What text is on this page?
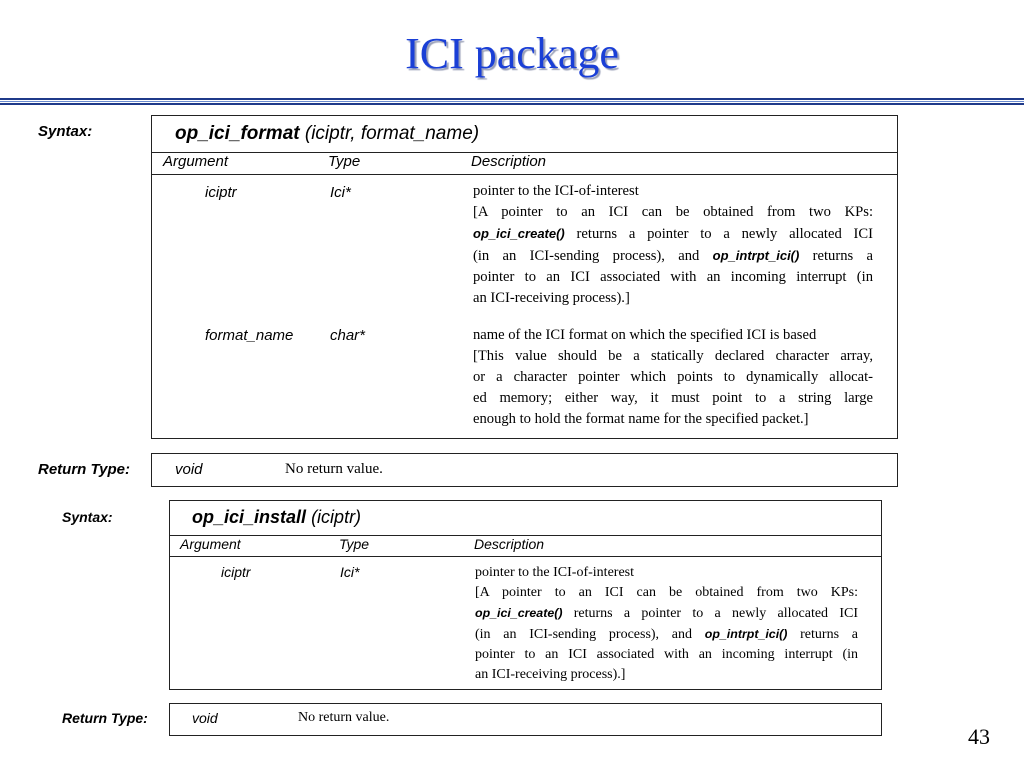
ICI package
Syntax:	op_ici_format (iciptr, format_name)
Argument	Type	Description
iciptr	Ici*	pointer to the ICI-of-interest
[A pointer to an ICI can be obtained from two KPs:
op_ici_create() returns a pointer to a newly allocated ICI
(in an ICI-sending process), and op_intrpt_ici() returns a
pointer to an ICI associated with an incoming interrupt (in
an ICI-receiving process).]
format_name char*	name of the ICI format on which the specified ICI is based
[This value should be a statically declared character array,
or a character pointer which points to dynamically allocat-
ed memory; either way, it must point to a string large
enough to hold the format name for the specified packet.]
Return Type:	void	No return value.
Syntax:	op_ici_install (iciptr)
Argument	Type	Description
iciptr	Ici*	pointer to the ICI-of-interest
[A pointer to an ICI can be obtained from two KPs:
op_ici_create() returns a pointer to a newly allocated ICI
(in an ICI-sending process), and op_intrpt_ici() returns a
pointer to an ICI associated with an incoming interrupt (in
an ICI-receiving process).]
Return Type:	void	No return value.
43
